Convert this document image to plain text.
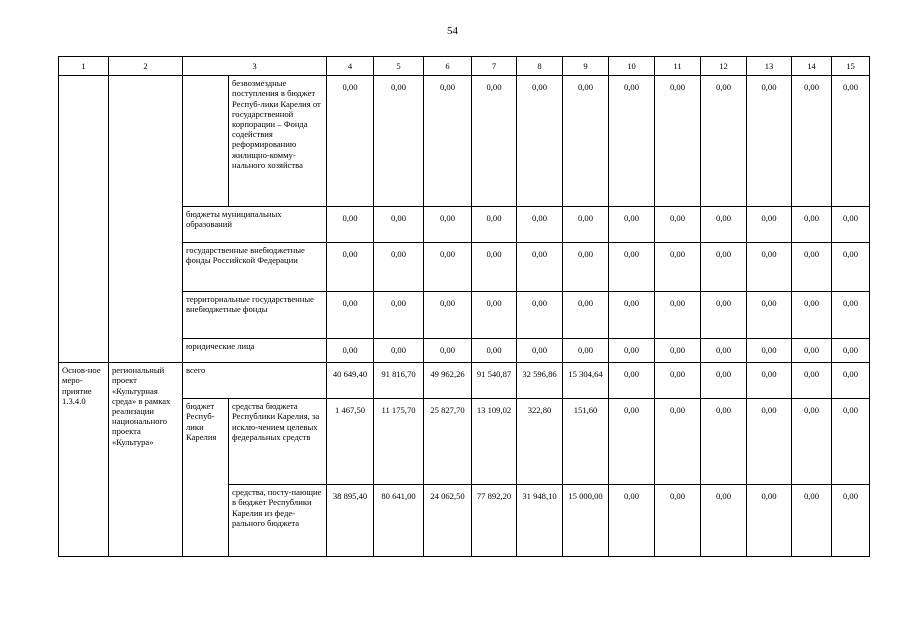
54
1	2	3		4	5	6	7	8	9	10	11	12	13	14	15
			безвозмездные поступления в бюджет Респуб-лики Карелия от государственной корпорации – Фонда содействия реформированию жилищно-комму-нального хозяйства	0,00	0,00	0,00	0,00	0,00	0,00	0,00	0,00	0,00	0,00	0,00	0,00
		бюджеты муниципальных образований		0,00	0,00	0,00	0,00	0,00	0,00	0,00	0,00	0,00	0,00	0,00	0,00
		государственные внебюджетные фонды Российской Федерации		0,00	0,00	0,00	0,00	0,00	0,00	0,00	0,00	0,00	0,00	0,00	0,00
		территориальные государственные внебюджетные фонды		0,00	0,00	0,00	0,00	0,00	0,00	0,00	0,00	0,00	0,00	0,00	0,00
		юридические лица		0,00	0,00	0,00	0,00	0,00	0,00	0,00	0,00	0,00	0,00	0,00	0,00
Основ-ное меро-приятие 1.3.4.0	региональный проект «Культурная среда» в рамках реализации национального проекта «Культура»	всего		40 649,40	91 816,70	49 962,26	91 540,87	32 596,86	15 304,64	0,00	0,00	0,00	0,00	0,00	0,00
		бюджет Респуб-лики Карелия	средства бюджета Республики Карелия, за исклю-чением целевых федеральных средств	1 467,50	11 175,70	25 827,70	13 109,02	322,80	151,60	0,00	0,00	0,00	0,00	0,00	0,00
			средства, посту-пающие в бюджет Республики Карелия из феде-рального бюджета	38 895,40	80 641,00	24 062,50	77 892,20	31 948,10	15 000,00	0,00	0,00	0,00	0,00	0,00	0,00
